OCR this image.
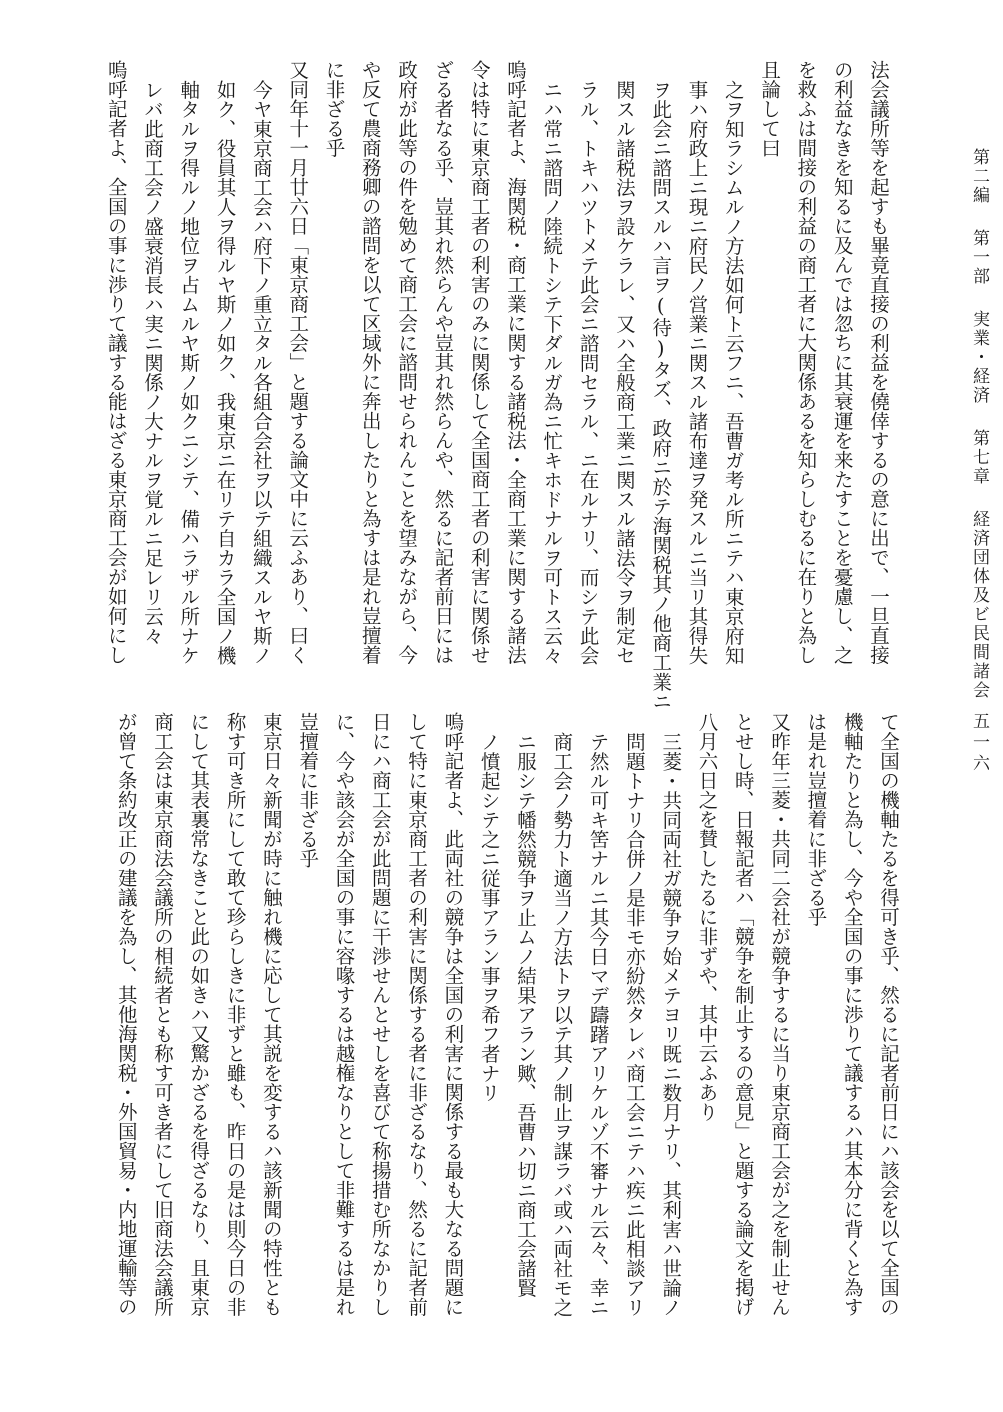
第二編第一部実業・経済第七章経済団体及ビ民間諸会
五一六
法会議所等を起すも畢竟直接の利益を僥倖するの意に出で、一旦直接
の利益なきを知るに及んでは忽ちに其衰運を来たすことを憂慮し、之
を救ふは間接の利益の商工者に大関係あるを知らしむるに在りと為し
且論して曰
之ヲ知ラシムルノ方法如何ト云フニ、吾曹ガ考ル所ニテハ東京府知
事ハ府政上ニ現ニ府民ノ営業ニ関スル諸布達ヲ発スルニ当リ其得失
ヲ此会ニ諮問スルハ言ヲ(待)タズ、政府ニ於テ海関税其ノ他商工業ニ
関スル諸税法ヲ設ケラレ、又ハ全般商工業ニ関スル諸法令ヲ制定セ
ラル、トキハツトメテ此会ニ諮問セラル、ニ在ルナリ、而シテ此会
ニハ常ニ諮問ノ陸続トシテ下ダルガ為ニ忙キホドナルヲ可トス云々
嗚呼記者よ、海関税・商工業に関する諸税法・全商工業に関する諸法
令は特に東京商工者の利害のみに関係して全国商工者の利害に関係せ
ざる者なる乎、豈其れ然らんや豈其れ然らんや、然るに記者前日には
政府が此等の件を勉めて商工会に諮問せられんことを望みながら、今
や反て農商務卿の諮問を以て区域外に奔出したりと為すは是れ豈擅着
に非ざる乎
又同年十一月廿六日「東京商工会」と題する論文中に云ふあり、曰く
今ヤ東京商工会ハ府下ノ重立タル各組合会社ヲ以テ組織スルヤ斯ノ
如ク、役員其人ヲ得ルヤ斯ノ如ク、我東京ニ在リテ自カラ全国ノ機
軸タルヲ得ルノ地位ヲ占ムルヤ斯ノ如クニシテ、備ハラザル所ナケ
レバ此商工会ノ盛衰消長ハ実ニ関係ノ大ナルヲ覚ルニ足レリ云々
嗚呼記者よ、全国の事に渉りて議する能はざる東京商工会が如何にし
て全国の機軸たるを得可き乎、然るに記者前日にハ該会を以て全国の
機軸たりと為し、今や全国の事に渉りて議するハ其本分に背くと為す
は是れ豈擅着に非ざる乎
又昨年三菱・共同二会社が競争するに当り東京商工会が之を制止せん
とせし時、日報記者ハ「競争を制止するの意見」と題する論文を掲げ
八月六日之を賛したるに非ずや、其中云ふあり
三菱・共同両社ガ競争ヲ始メテヨリ既ニ数月ナリ、其利害ハ世論ノ
問題トナリ合併ノ是非モ亦紛然タレバ商工会ニテハ疾ニ此相談アリ
テ然ル可キ筈ナルニ其今日マデ躊躇アリケルゾ不審ナル云々、幸ニ
商工会ノ勢力ト適当ノ方法トヲ以テ其ノ制止ヲ謀ラバ或ハ両社モ之
ニ服シテ幡然競争ヲ止ムノ結果アラン歟、吾曹ハ切ニ商工会諸賢
ノ憤起シテ之ニ従事アラン事ヲ希フ者ナリ
嗚呼記者よ、此両社の競争は全国の利害に関係する最も大なる問題に
して特に東京商工者の利害に関係する者に非ざるなり、然るに記者前
日にハ商工会が此問題に干渉せんとせしを喜びて称揚措む所なかりし
に、今や該会が全国の事に容喙するは越権なりとして非難するは是れ
豈擅着に非ざる乎
東京日々新聞が時に触れ機に応して其説を変するハ該新聞の特性とも
称す可き所にして敢て珍らしきに非ずと雖も、昨日の是は則今日の非
にして其表裏常なきこと此の如きハ又驚かざるを得ざるなり、且東京
商工会は東京商法会議所の相続者とも称す可き者にして旧商法会議所
が曾て条約改正の建議を為し、其他海関税・外国貿易・内地運輸等の
